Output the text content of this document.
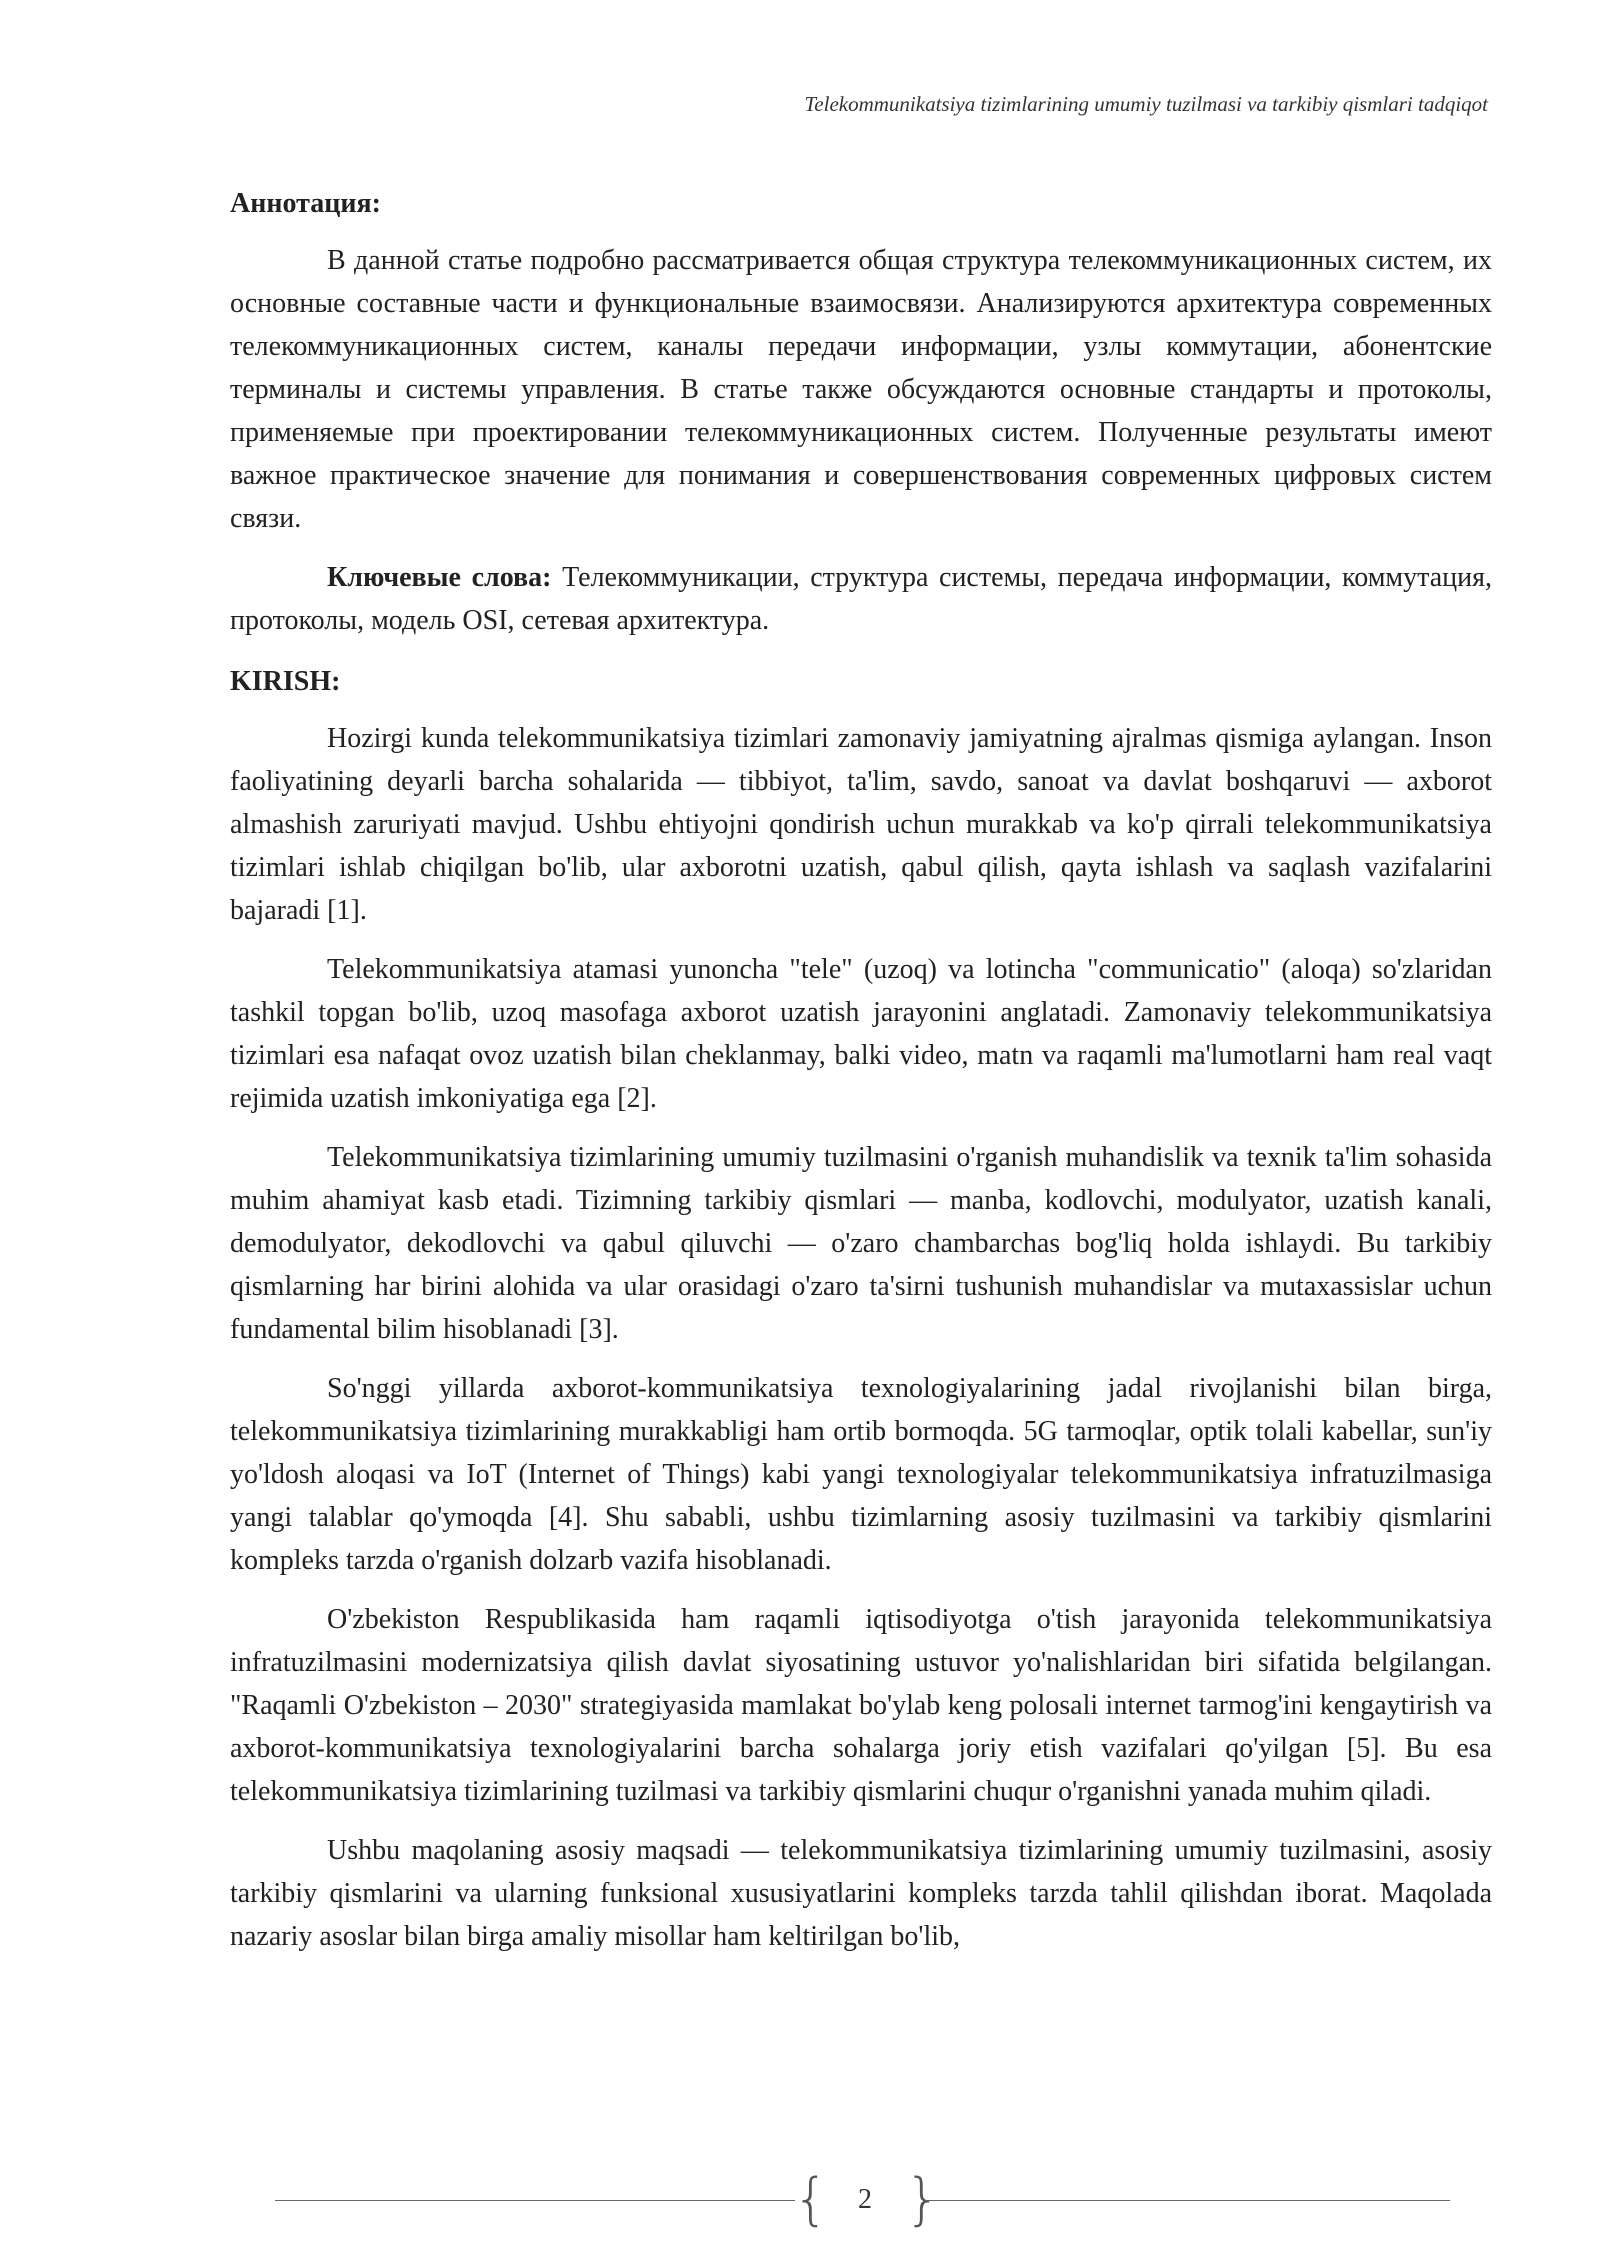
Telekommunikatsiya tizimlarining umumiy tuzilmasi va tarkibiy qismlari tadqiqot
Аннотация:

В данной статье подробно рассматривается общая структура телекоммуникационных систем, их основные составные части и функциональные взаимосвязи. Анализируются архитектура современных телекоммуникационных систем, каналы передачи информации, узлы коммутации, абонентские терминалы и системы управления. В статье также обсуждаются основные стандарты и протоколы, применяемые при проектировании телекоммуникационных систем. Полученные результаты имеют важное практическое значение для понимания и совершенствования современных цифровых систем связи.

Ключевые слова: Телекоммуникации, структура системы, передача информации, коммутация, протоколы, модель OSI, сетевая архитектура.

KIRISH:

Hozirgi kunda telekommunikatsiya tizimlari zamonaviy jamiyatning ajralmas qismiga aylangan. Inson faoliyatining deyarli barcha sohalarida — tibbiyot, ta'lim, savdo, sanoat va davlat boshqaruvi — axborot almashish zaruriyati mavjud. Ushbu ehtiyojni qondirish uchun murakkab va ko'p qirrali telekommunikatsiya tizimlari ishlab chiqilgan bo'lib, ular axborotni uzatish, qabul qilish, qayta ishlash va saqlash vazifalarini bajaradi [1].

Telekommunikatsiya atamasi yunoncha "tele" (uzoq) va lotincha "communicatio" (aloqa) so'zlaridan tashkil topgan bo'lib, uzoq masofaga axborot uzatish jarayonini anglatadi. Zamonaviy telekommunikatsiya tizimlari esa nafaqat ovoz uzatish bilan cheklanmay, balki video, matn va raqamli ma'lumotlarni ham real vaqt rejimida uzatish imkoniyatiga ega [2].

Telekommunikatsiya tizimlarining umumiy tuzilmasini o'rganish muhandislik va texnik ta'lim sohasida muhim ahamiyat kasb etadi. Tizimning tarkibiy qismlari — manba, kodlovchi, modulyator, uzatish kanali, demodulyator, dekodlovchi va qabul qiluvchi — o'zaro chambarchas bog'liq holda ishlaydi. Bu tarkibiy qismlarning har birini alohida va ular orasidagi o'zaro ta'sirni tushunish muhandislar va mutaxassislar uchun fundamental bilim hisoblanadi [3].

So'nggi yillarda axborot-kommunikatsiya texnologiyalarining jadal rivojlanishi bilan birga, telekommunikatsiya tizimlarining murakkabligi ham ortib bormoqda. 5G tarmoqlar, optik tolali kabellar, sun'iy yo'ldosh aloqasi va IoT (Internet of Things) kabi yangi texnologiyalar telekommunikatsiya infratuzilmasiga yangi talablar qo'ymoqda [4]. Shu sababli, ushbu tizimlarning asosiy tuzilmasini va tarkibiy qismlarini kompleks tarzda o'rganish dolzarb vazifa hisoblanadi.

O'zbekiston Respublikasida ham raqamli iqtisodiyotga o'tish jarayonida telekommunikatsiya infratuzilmasini modernizatsiya qilish davlat siyosatining ustuvor yo'nalishlaridan biri sifatida belgilangan. "Raqamli O'zbekiston – 2030" strategiyasida mamlakat bo'ylab keng polosali internet tarmog'ini kengaytirish va axborot-kommunikatsiya texnologiyalarini barcha sohalarga joriy etish vazifalari qo'yilgan [5]. Bu esa telekommunikatsiya tizimlarining tuzilmasi va tarkibiy qismlarini chuqur o'rganishni yanada muhim qiladi.

Ushbu maqolaning asosiy maqsadi — telekommunikatsiya tizimlarining umumiy tuzilmasini, asosiy tarkibiy qismlarini va ularning funksional xususiyatlarini kompleks tarzda tahlil qilishdan iborat. Maqolada nazariy asoslar bilan birga amaliy misollar ham keltirilgan bo'lib,

{	2 }
